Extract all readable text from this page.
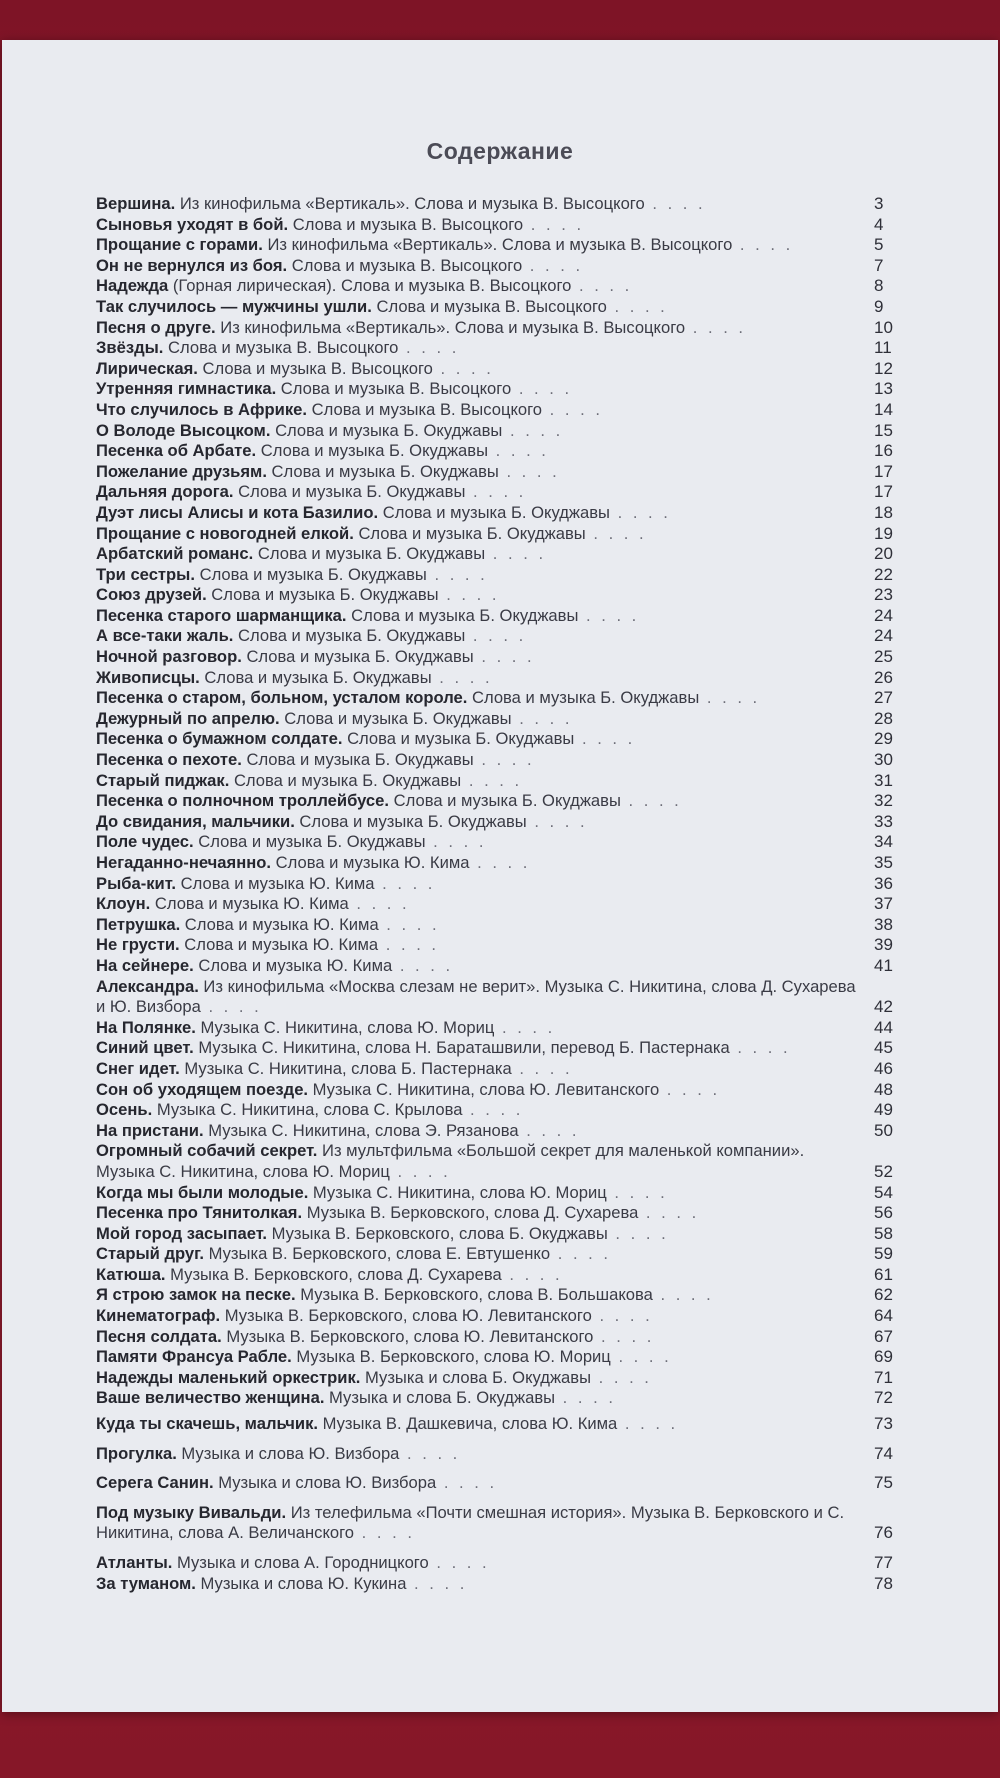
Содержание
Вершина. Из кинофильма «Вертикаль». Слова и музыка В. Высоцкого . . . .	3
Сыновья уходят в бой. Слова и музыка В. Высоцкого . . . .	4
Прощание с горами. Из кинофильма «Вертикаль». Слова и музыка В. Высоцкого . . . .	5
Он не вернулся из боя. Слова и музыка В. Высоцкого . . . .	7
Надежда (Горная лирическая). Слова и музыка В. Высоцкого . . . .	8
Так случилось — мужчины ушли. Слова и музыка В. Высоцкого . . . .	9
Песня о друге. Из кинофильма «Вертикаль». Слова и музыка В. Высоцкого . . . .	10
Звёзды. Слова и музыка В. Высоцкого . . . .	11
Лирическая. Слова и музыка В. Высоцкого . . . .	12
Утренняя гимнастика. Слова и музыка В. Высоцкого . . . .	13
Что случилось в Африке. Слова и музыка В. Высоцкого . . . .	14
О Володе Высоцком. Слова и музыка Б. Окуджавы . . . .	15
Песенка об Арбате. Слова и музыка Б. Окуджавы . . . .	16
Пожелание друзьям. Слова и музыка Б. Окуджавы . . . .	17
Дальняя дорога. Слова и музыка Б. Окуджавы . . . .	17
Дуэт лисы Алисы и кота Базилио. Слова и музыка Б. Окуджавы . . . .	18
Прощание с новогодней елкой. Слова и музыка Б. Окуджавы . . . .	19
Арбатский романс. Слова и музыка Б. Окуджавы . . . .	20
Три сестры. Слова и музыка Б. Окуджавы . . . .	22
Союз друзей. Слова и музыка Б. Окуджавы . . . .	23
Песенка старого шарманщика. Слова и музыка Б. Окуджавы . . . .	24
А все-таки жаль. Слова и музыка Б. Окуджавы . . . .	24
Ночной разговор. Слова и музыка Б. Окуджавы . . . .	25
Живописцы. Слова и музыка Б. Окуджавы . . . .	26
Песенка о старом, больном, усталом короле. Слова и музыка Б. Окуджавы . . . .	27
Дежурный по апрелю. Слова и музыка Б. Окуджавы . . . .	28
Песенка о бумажном солдате. Слова и музыка Б. Окуджавы . . . .	29
Песенка о пехоте. Слова и музыка Б. Окуджавы . . . .	30
Старый пиджак. Слова и музыка Б. Окуджавы . . . .	31
Песенка о полночном троллейбусе. Слова и музыка Б. Окуджавы . . . .	32
До свидания, мальчики. Слова и музыка Б. Окуджавы . . . .	33
Поле чудес. Слова и музыка Б. Окуджавы . . . .	34
Негаданно-нечаянно. Слова и музыка Ю. Кима . . . .	35
Рыба-кит. Слова и музыка Ю. Кима . . . .	36
Клоун. Слова и музыка Ю. Кима . . . .	37
Петрушка. Слова и музыка Ю. Кима . . . .	38
Не грусти. Слова и музыка Ю. Кима . . . .	39
На сейнере. Слова и музыка Ю. Кима . . . .	41
Александра. Из кинофильма «Москва слезам не верит». Музыка С. Никитина, слова Д. Сухарева и Ю. Визбора . . . .	42
На Полянке. Музыка С. Никитина, слова Ю. Мориц . . . .	44
Синий цвет. Музыка С. Никитина, слова Н. Бараташвили, перевод Б. Пастернака . . . .	45
Снег идет. Музыка С. Никитина, слова Б. Пастернака . . . .	46
Сон об уходящем поезде. Музыка С. Никитина, слова Ю. Левитанского . . . .	48
Осень. Музыка С. Никитина, слова С. Крылова . . . .	49
На пристани. Музыка С. Никитина, слова Э. Рязанова . . . .	50
Огромный собачий секрет. Из мультфильма «Большой секрет для маленькой компании». Музыка С. Никитина, слова Ю. Мориц . . . .	52
Когда мы были молодые. Музыка С. Никитина, слова Ю. Мориц . . . .	54
Песенка про Тянитолкая. Музыка В. Берковского, слова Д. Сухарева . . . .	56
Мой город засыпает. Музыка В. Берковского, слова Б. Окуджавы . . . .	58
Старый друг. Музыка В. Берковского, слова Е. Евтушенко . . . .	59
Катюша. Музыка В. Берковского, слова Д. Сухарева . . . .	61
Я строю замок на песке. Музыка В. Берковского, слова В. Большакова . . . .	62
Кинематограф. Музыка В. Берковского, слова Ю. Левитанского . . . .	64
Песня солдата. Музыка В. Берковского, слова Ю. Левитанского . . . .	67
Памяти Франсуа Рабле. Музыка В. Берковского, слова Ю. Мориц . . . .	69
Надежды маленький оркестрик. Музыка и слова Б. Окуджавы . . . .	71
Ваше величество женщина. Музыка и слова Б. Окуджавы . . . .	72
Куда ты скачешь, мальчик. Музыка В. Дашкевича, слова Ю. Кима . . . .	73
Прогулка. Музыка и слова Ю. Визбора . . . .	74
Серега Санин. Музыка и слова Ю. Визбора . . . .	75
Под музыку Вивальди. Из телефильма «Почти смешная история». Музыка В. Берковского и С. Никитина, слова А. Величанского . . . .	76
Атланты. Музыка и слова А. Городницкого . . . .	77
За туманом. Музыка и слова Ю. Кукина . . . .	78
